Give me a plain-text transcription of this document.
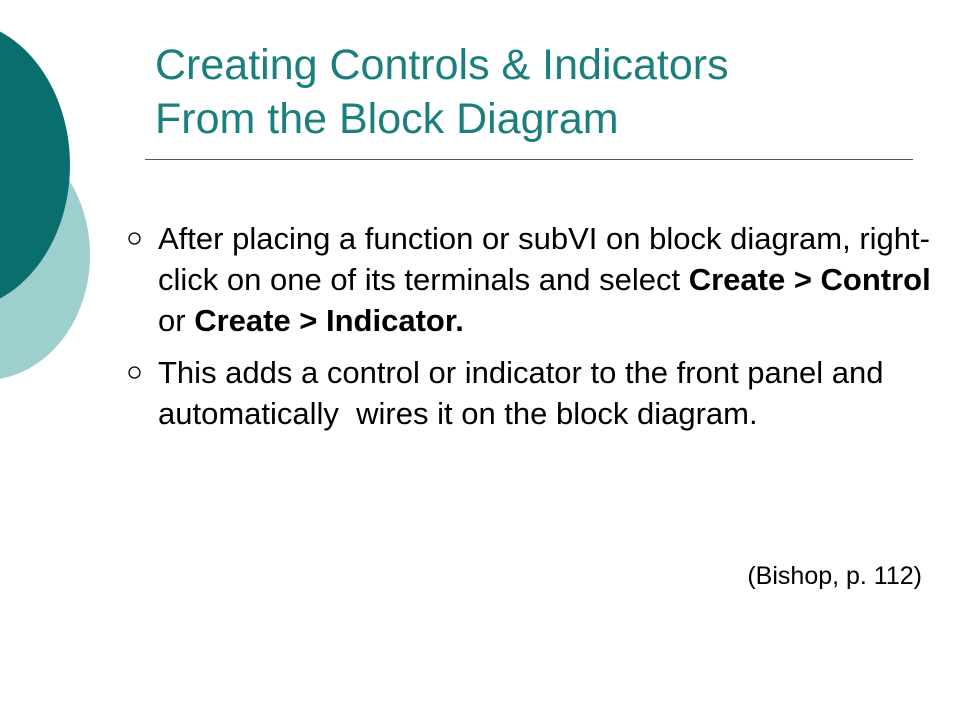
Creating Controls & Indicators
From the Block Diagram
After placing a function or subVI on block diagram, right-click on one of its terminals and select Create > Control or Create > Indicator.
This adds a control or indicator to the front panel and automatically  wires it on the block diagram.
(Bishop, p. 112)
